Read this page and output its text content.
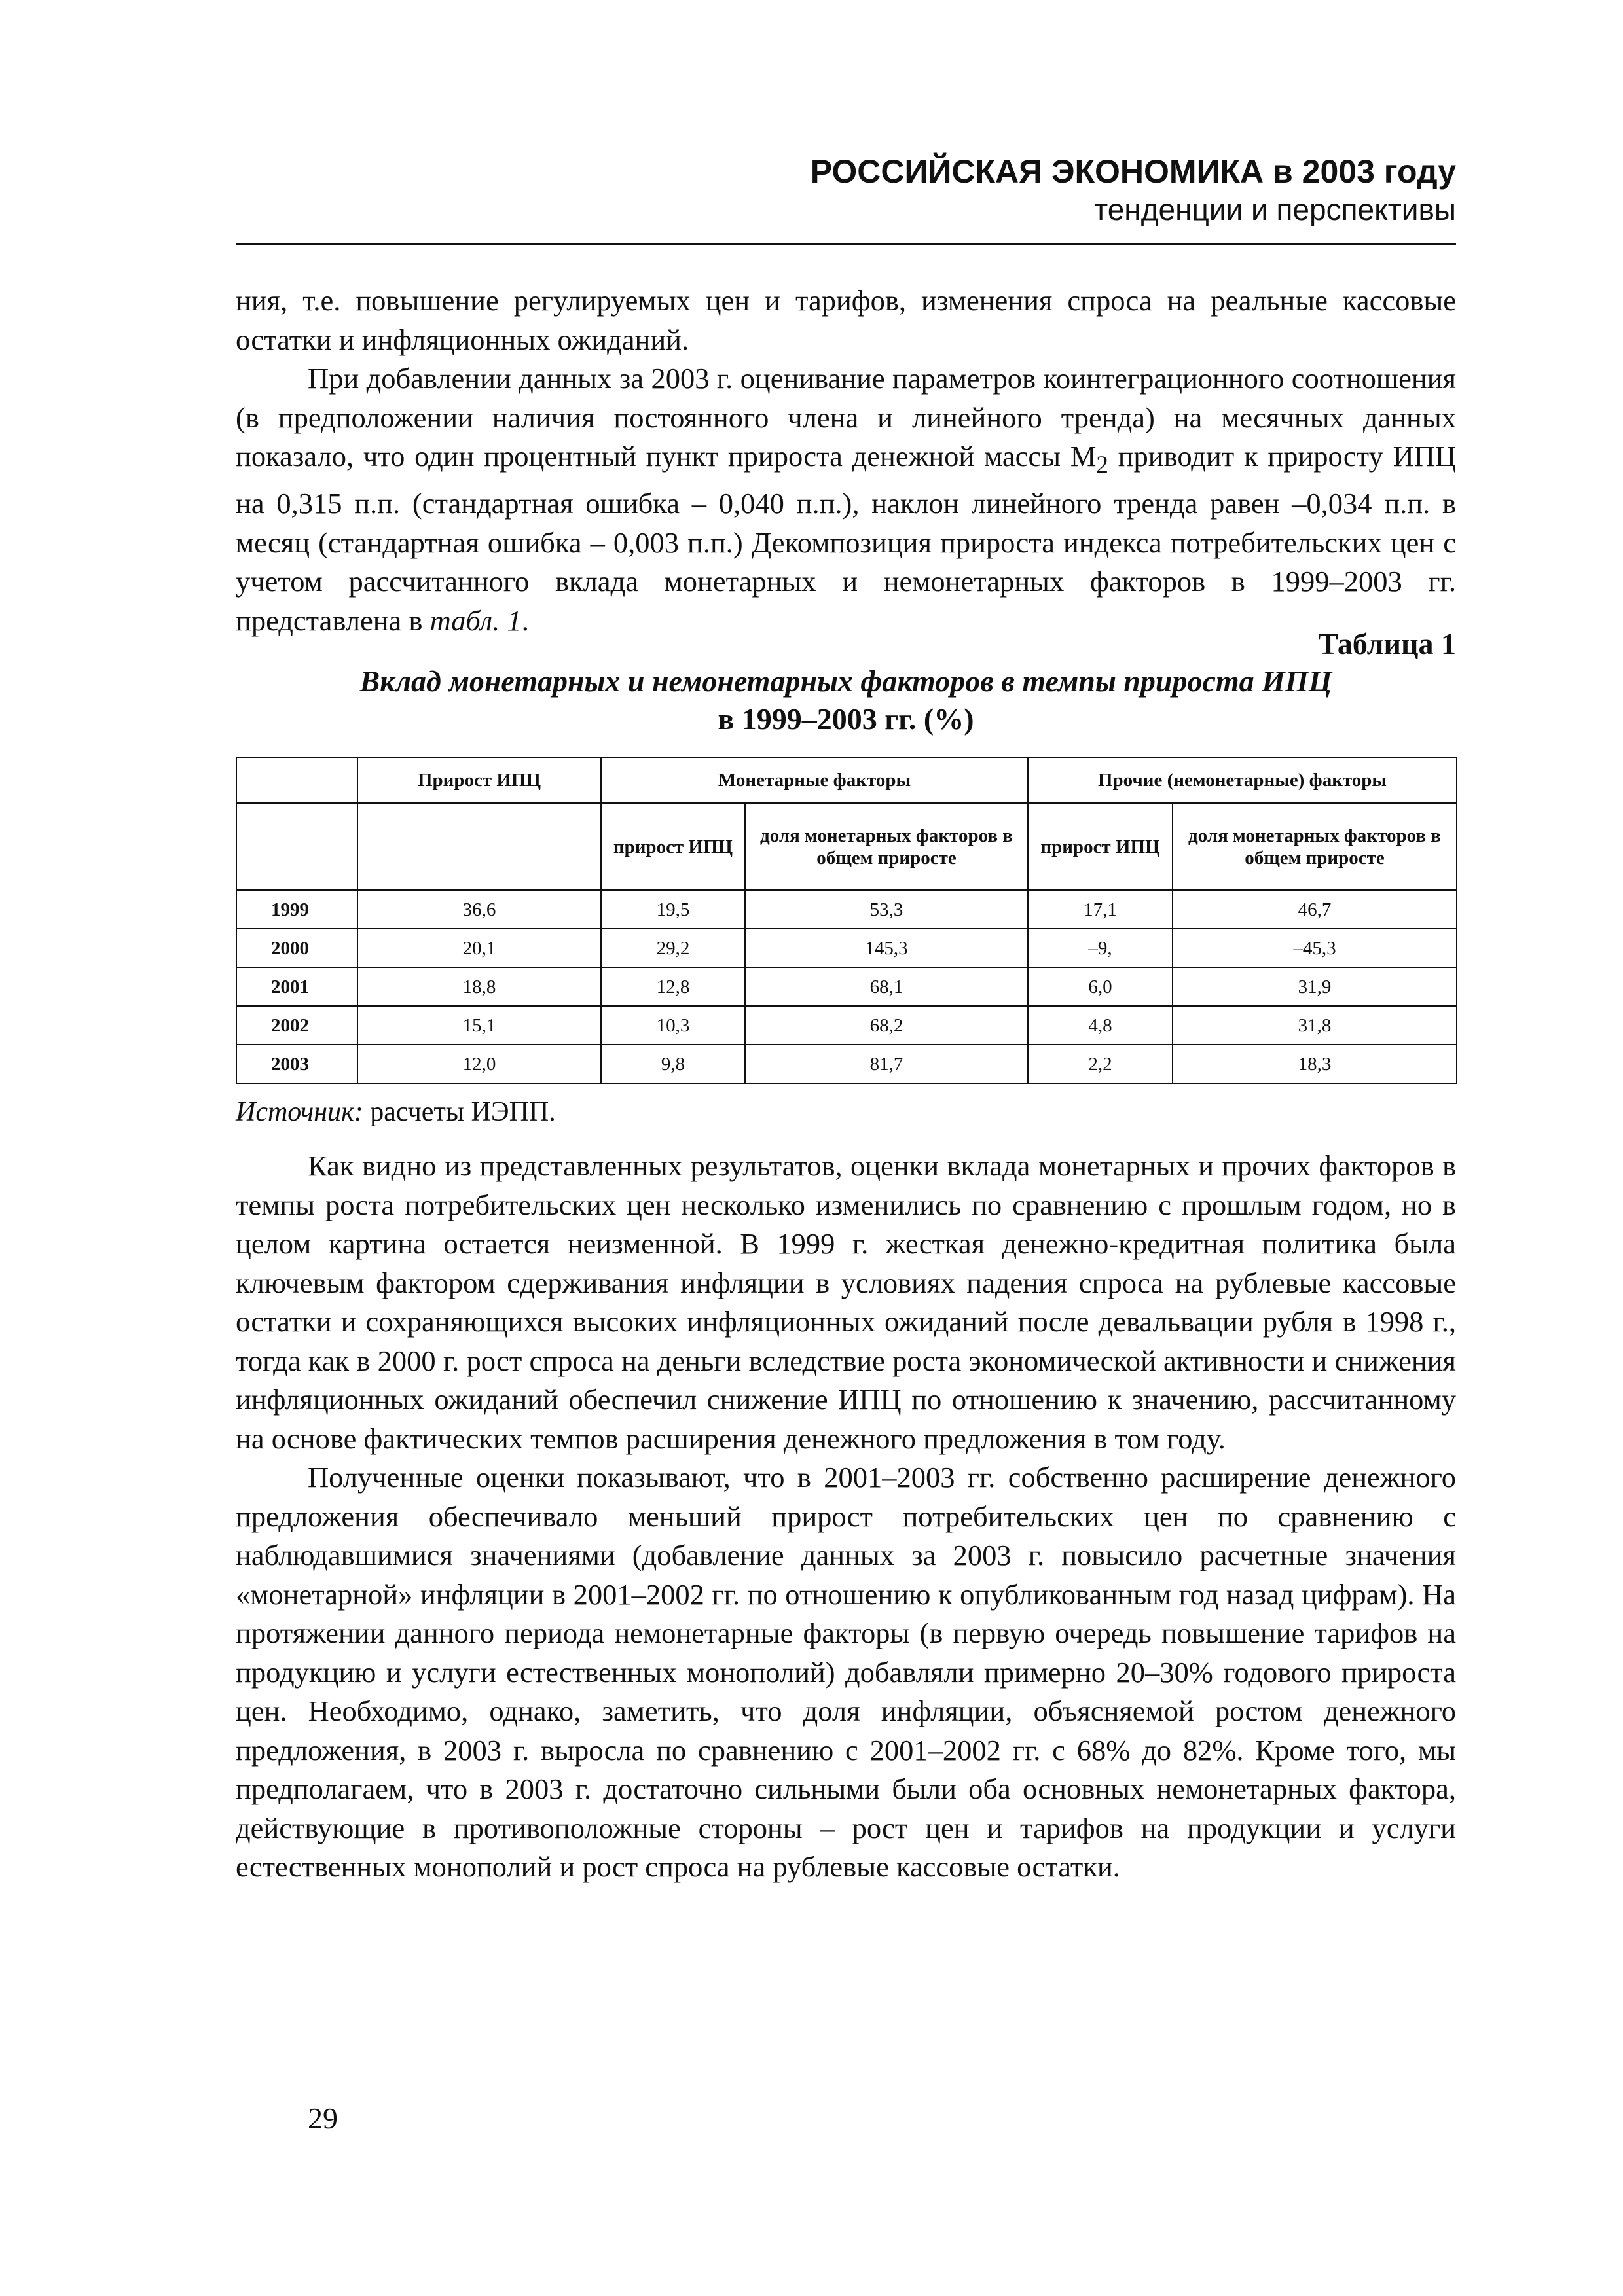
РОССИЙСКАЯ ЭКОНОМИКА в 2003 году
тенденции и перспективы

ния, т.е. повышение регулируемых цен и тарифов, изменения спроса на реальные кассовые остатки и инфляционных ожиданий.

При добавлении данных за 2003 г. оценивание параметров коинтеграционного соотношения (в предположении наличия постоянного члена и линейного тренда) на месячных данных показало, что один процентный пункт прироста денежной массы $М_2$ приводит к приросту ИПЦ на 0,315 п.п. (стандартная ошибка – 0,040 п.п.), наклон линейного тренда равен –0,034 п.п. в месяц (стандартная ошибка – 0,003 п.п.) Декомпозиция прироста индекса потребительских цен с учетом рассчитанного вклада монетарных и немонетарных факторов в 1999–2003 гг. представлена в табл. 1.

Таблица 1
Вклад монетарных и немонетарных факторов в темпы прироста ИПЦ
в 1999–2003 гг. (%)
	Прирост ИПЦ	Монетарные факторы		Прочие (немонетарные) факторы	
		прирост ИПЦ	доля монетарных факторов в общем приросте	прирост ИПЦ	доля монетарных факторов в общем приросте
1999	36,6	19,5	53,3	17,1	46,7
2000	20,1	29,2	145,3	–9,	–45,3
2001	18,8	12,8	68,1	6,0	31,9
2002	15,1	10,3	68,2	4,8	31,8
2003	12,0	9,8	81,7	2,2	18,3
Источник: расчеты ИЭПП.

Как видно из представленных результатов, оценки вклада монетарных и прочих факторов в темпы роста потребительских цен несколько изменились по сравнению с прошлым годом, но в целом картина остается неизменной. В 1999 г. жесткая денежно-кредитная политика была ключевым фактором сдерживания инфляции в условиях падения спроса на рублевые кассовые остатки и сохраняющихся высоких инфляционных ожиданий после девальвации рубля в 1998 г., тогда как в 2000 г. рост спроса на деньги вследствие роста экономической активности и снижения инфляционных ожиданий обеспечил снижение ИПЦ по отношению к значению, рассчитанному на основе фактических темпов расширения денежного предложения в том году.

Полученные оценки показывают, что в 2001–2003 гг. собственно расширение денежного предложения обеспечивало меньший прирост потребительских цен по сравнению с наблюдавшимися значениями (добавление данных за 2003 г. повысило расчетные значения «монетарной» инфляции в 2001–2002 гг. по отношению к опубликованным год назад цифрам). На протяжении данного периода немонетарные факторы (в первую очередь повышение тарифов на продукцию и услуги естественных монополий) добавляли примерно 20–30% годового прироста цен. Необходимо, однако, заметить, что доля инфляции, объясняемой ростом денежного предложения, в 2003 г. выросла по сравнению с 2001–2002 гг. с 68% до 82%. Кроме того, мы предполагаем, что в 2003 г. достаточно сильными были оба основных немонетарных фактора, действующие в противоположные стороны – рост цен и тарифов на продукции и услуги естественных монополий и рост спроса на рублевые кассовые остатки.

29
